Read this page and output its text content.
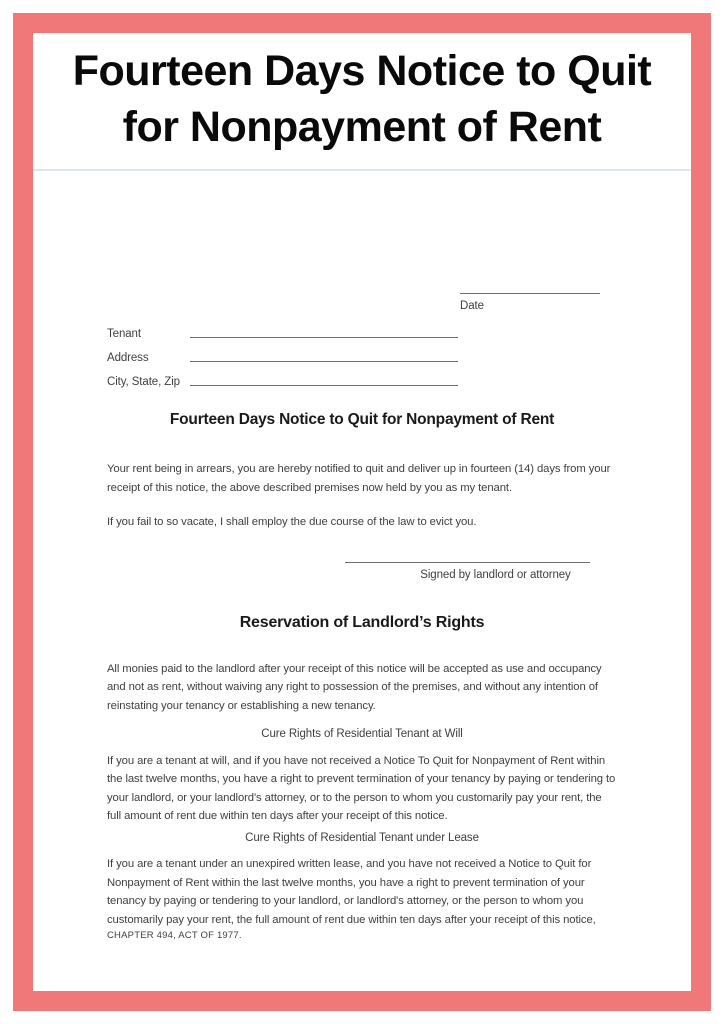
Fourteen Days Notice to Quit
for Nonpayment of Rent
Date
Tenant
Address
City, State, Zip
Fourteen Days Notice to Quit for Nonpayment of Rent

Your rent being in arrears, you are hereby notified to quit and deliver up in fourteen (14) days from your receipt of this notice, the above described premises now held by you as my tenant.

If you fail to so vacate, I shall employ the due course of the law to evict you.

Signed by landlord or attorney
Reservation of Landlord’s Rights

All monies paid to the landlord after your receipt of this notice will be accepted as use and occupancy and not as rent, without waiving any right to possession of the premises, and without any intention of reinstating your tenancy or establishing a new tenancy.

Cure Rights of Residential Tenant at Will

If you are a tenant at will, and if you have not received a Notice To Quit for Nonpayment of Rent within the last twelve months, you have a right to prevent termination of your tenancy by paying or tendering to your landlord, or your landlord's attorney, or to the person to whom you customarily pay your rent, the full amount of rent due within ten days after your receipt of this notice.

Cure Rights of Residential Tenant under Lease

If you are a tenant under an unexpired written lease, and you have not received a Notice to Quit for Nonpayment of Rent within the last twelve months, you have a right to prevent termination of your tenancy by paying or tendering to your landlord, or landlord's attorney, or the person to whom you customarily pay your rent, the full amount of rent due within ten days after your receipt of this notice,

CHAPTER 494, ACT OF 1977.
